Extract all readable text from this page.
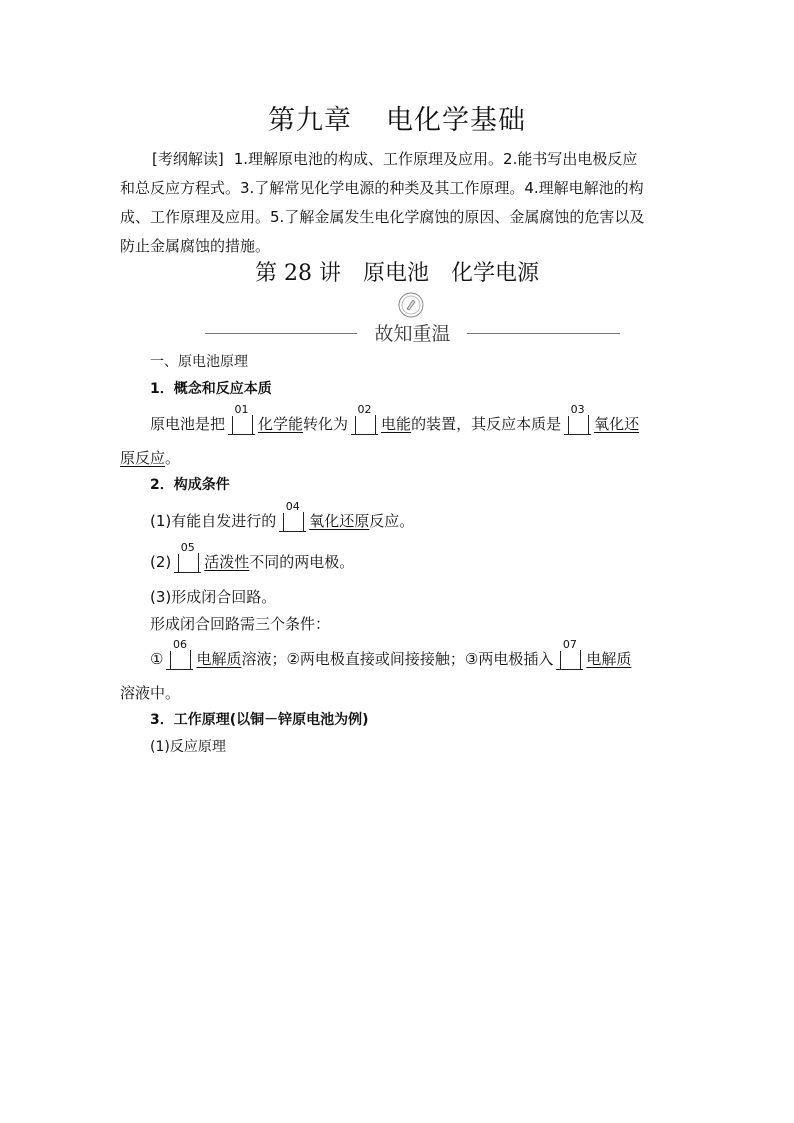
第九章 电化学基础
[考纲解读] 1.理解原电池的构成、工作原理及应用。2.能书写出电极反应
和总反应方程式。3.了解常见化学电源的种类及其工作原理。4.理解电解池的构
成、工作原理及应用。5.了解金属发生电化学腐蚀的原因、金属腐蚀的危害以及
防止金属腐蚀的措施。
第 28 讲 原电池 化学电源
故知重温
一、原电池原理
1．概念和反应本质
原电池是把
01
化学能转化为
02
电能的装置，其反应本质是
03
氧化还
原反应。
2．构成条件
(1)有能自发进行的
04
氧化还原反应。
(2)
05
活泼性不同的两电极。
(3)形成闭合回路。
形成闭合回路需三个条件：
①
06
电解质溶液；②两电极直接或间接接触；③两电极插入
07
电解质
溶液中。
3．工作原理(以铜－锌原电池为例)
(1)反应原理
